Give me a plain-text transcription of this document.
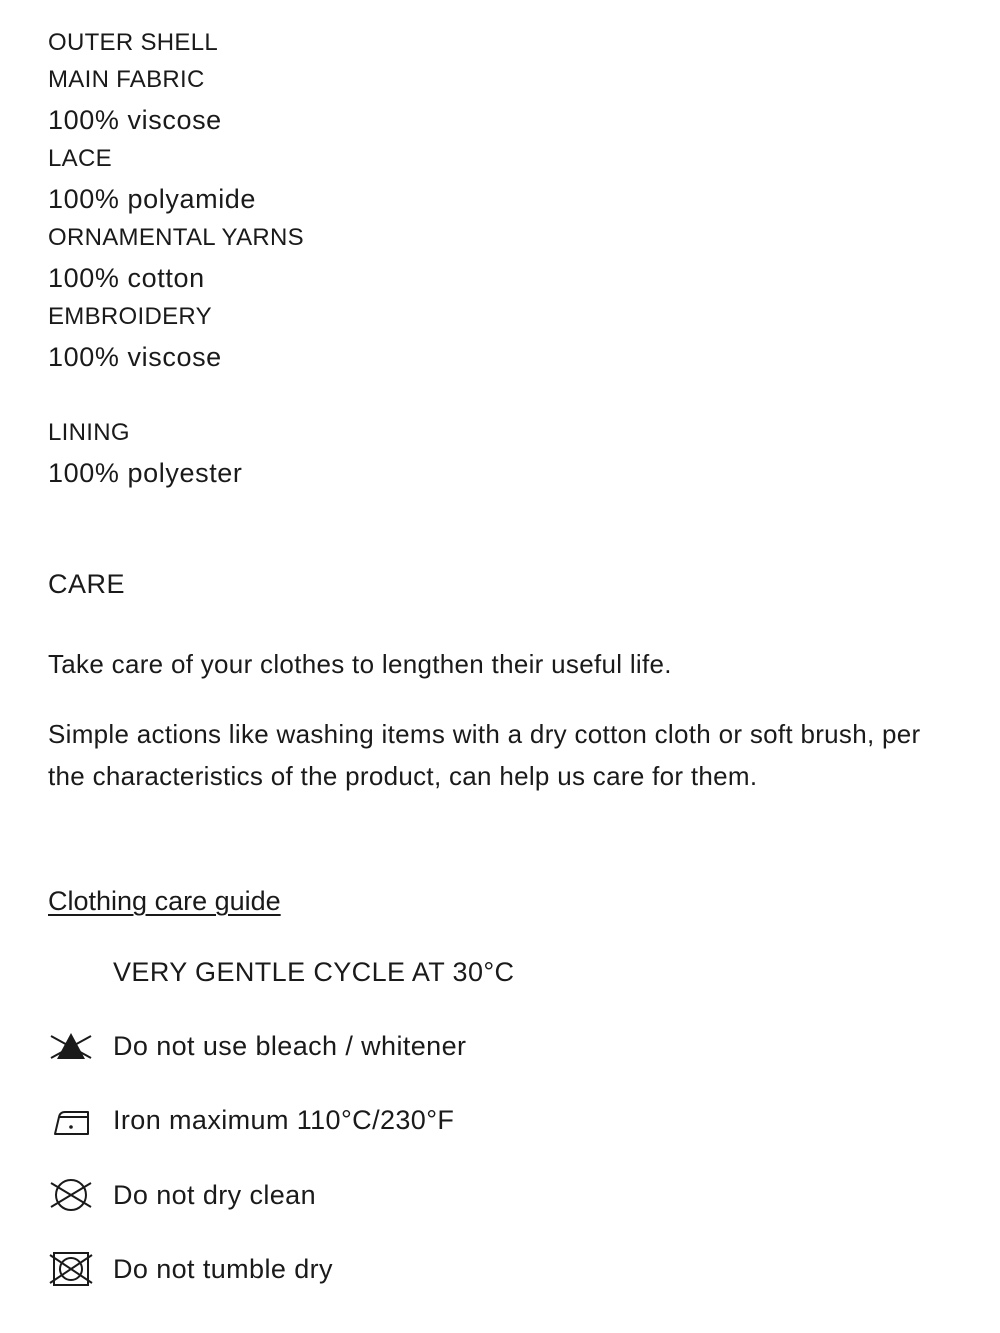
OUTER SHELL
MAIN FABRIC
100% viscose
LACE
100% polyamide
ORNAMENTAL YARNS
100% cotton
EMBROIDERY
100% viscose
LINING
100% polyester
CARE
Take care of your clothes to lengthen their useful life.
Simple actions like washing items with a dry cotton cloth or soft brush, per the characteristics of the product, can help us care for them.
Clothing care guide
VERY GENTLE CYCLE AT 30°C
Do not use bleach / whitener
Iron maximum 110°C/230°F
Do not dry clean
Do not tumble dry
